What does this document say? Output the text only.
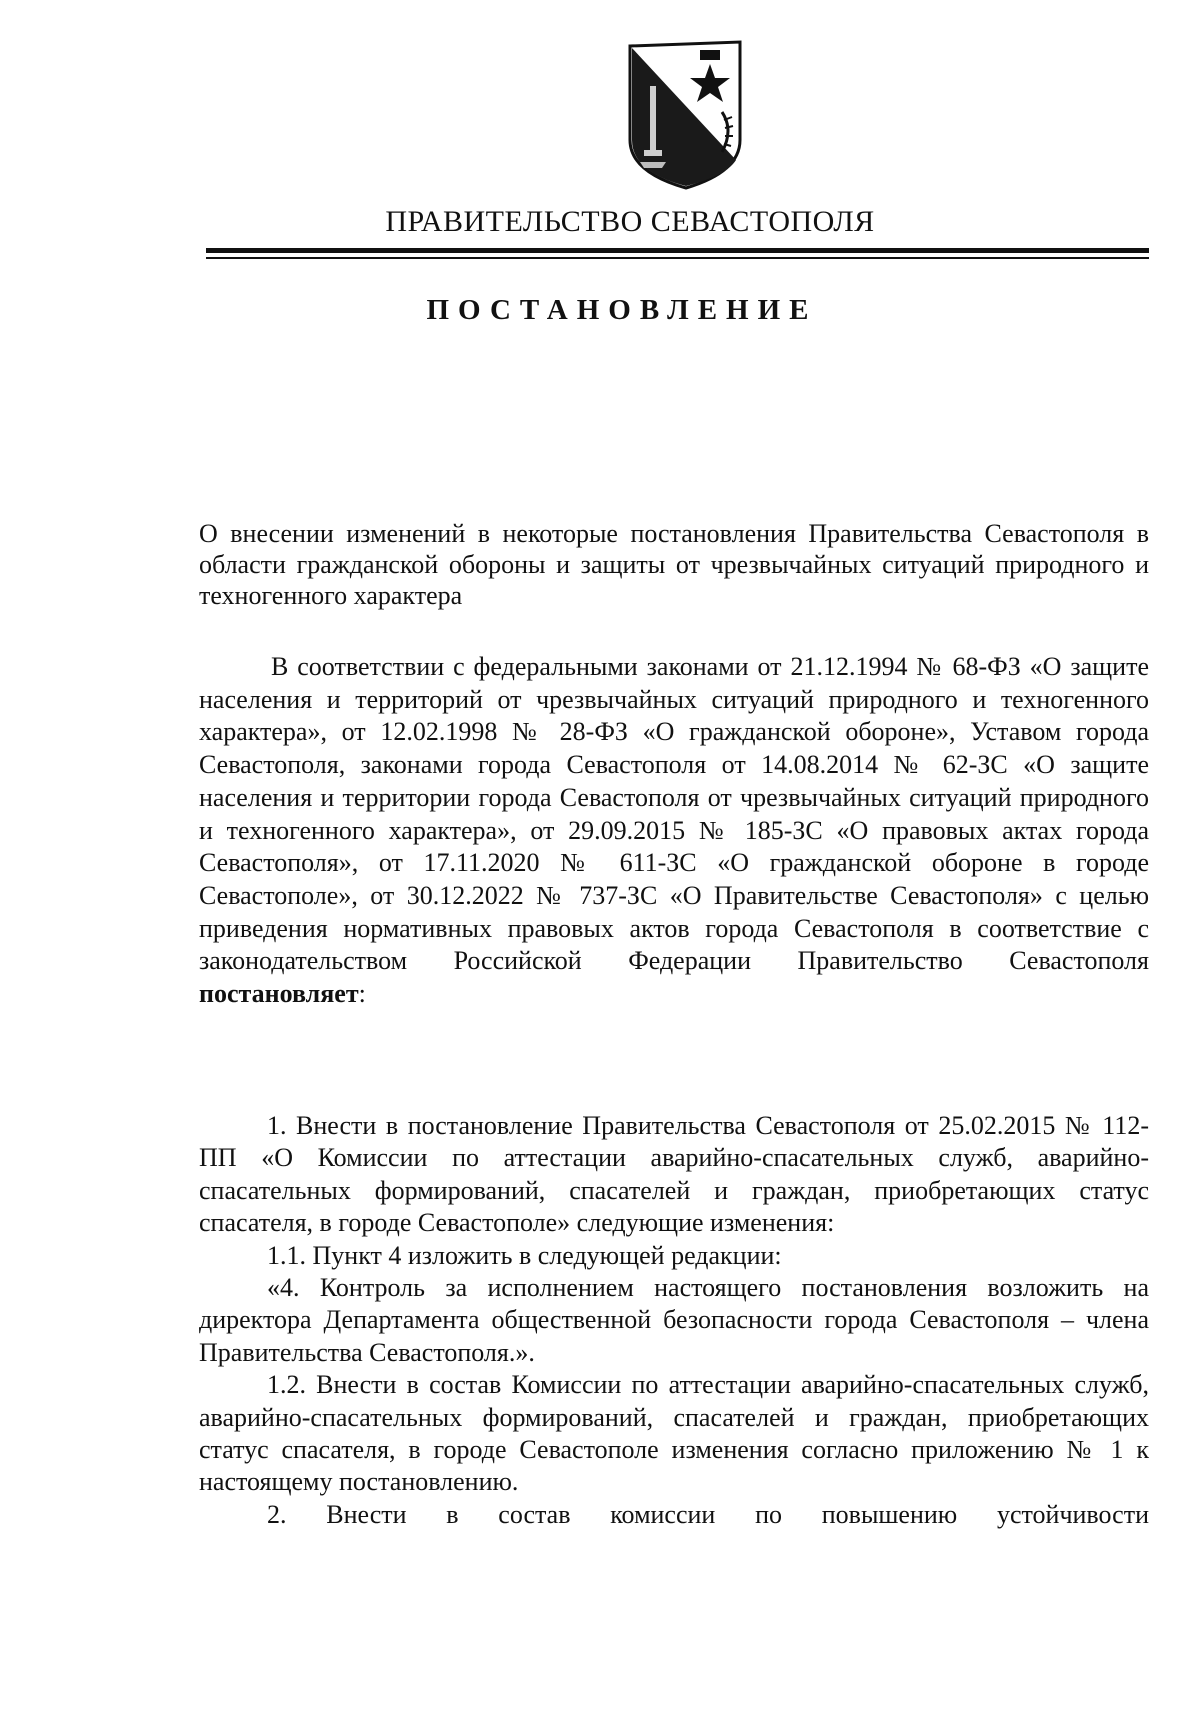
ПРАВИТЕЛЬСТВО СЕВАСТОПОЛЯ
ПОСТАНОВЛЕНИЕ
О внесении изменений в некоторые постановления Правительства Севастополя в области гражданской обороны и защиты от чрезвычайных ситуаций природного и техногенного характера
В соответствии с федеральными законами от 21.12.1994 № 68-ФЗ «О защите населения и территорий от чрезвычайных ситуаций природного и техногенного характера», от 12.02.1998 № 28-ФЗ «О гражданской обороне», Уставом города Севастополя, законами города Севастополя от 14.08.2014 № 62-ЗС «О защите населения и территории города Севастополя от чрезвычайных ситуаций природного и техногенного характера», от 29.09.2015 № 185-ЗС «О правовых актах города Севастополя», от 17.11.2020 № 611-ЗС «О гражданской обороне в городе Севастополе», от 30.12.2022 № 737-ЗС «О Правительстве Севастополя» с целью приведения нормативных правовых актов города Севастополя в соответствие с законодательством Российской Федерации Правительство Севастополя постановляет:

1. Внести в постановление Правительства Севастополя от 25.02.2015 № 112-ПП «О Комиссии по аттестации аварийно-спасательных служб, аварийно-спасательных формирований, спасателей и граждан, приобретающих статус спасателя, в городе Севастополе» следующие изменения:

1.1. Пункт 4 изложить в следующей редакции:

«4. Контроль за исполнением настоящего постановления возложить на директора Департамента общественной безопасности города Севастополя – члена Правительства Севастополя.».

1.2. Внести в состав Комиссии по аттестации аварийно-спасательных служб, аварийно-спасательных формирований, спасателей и граждан, приобретающих статус спасателя, в городе Севастополе изменения согласно приложению № 1 к настоящему постановлению.

2. Внести в состав комиссии по повышению устойчивости
